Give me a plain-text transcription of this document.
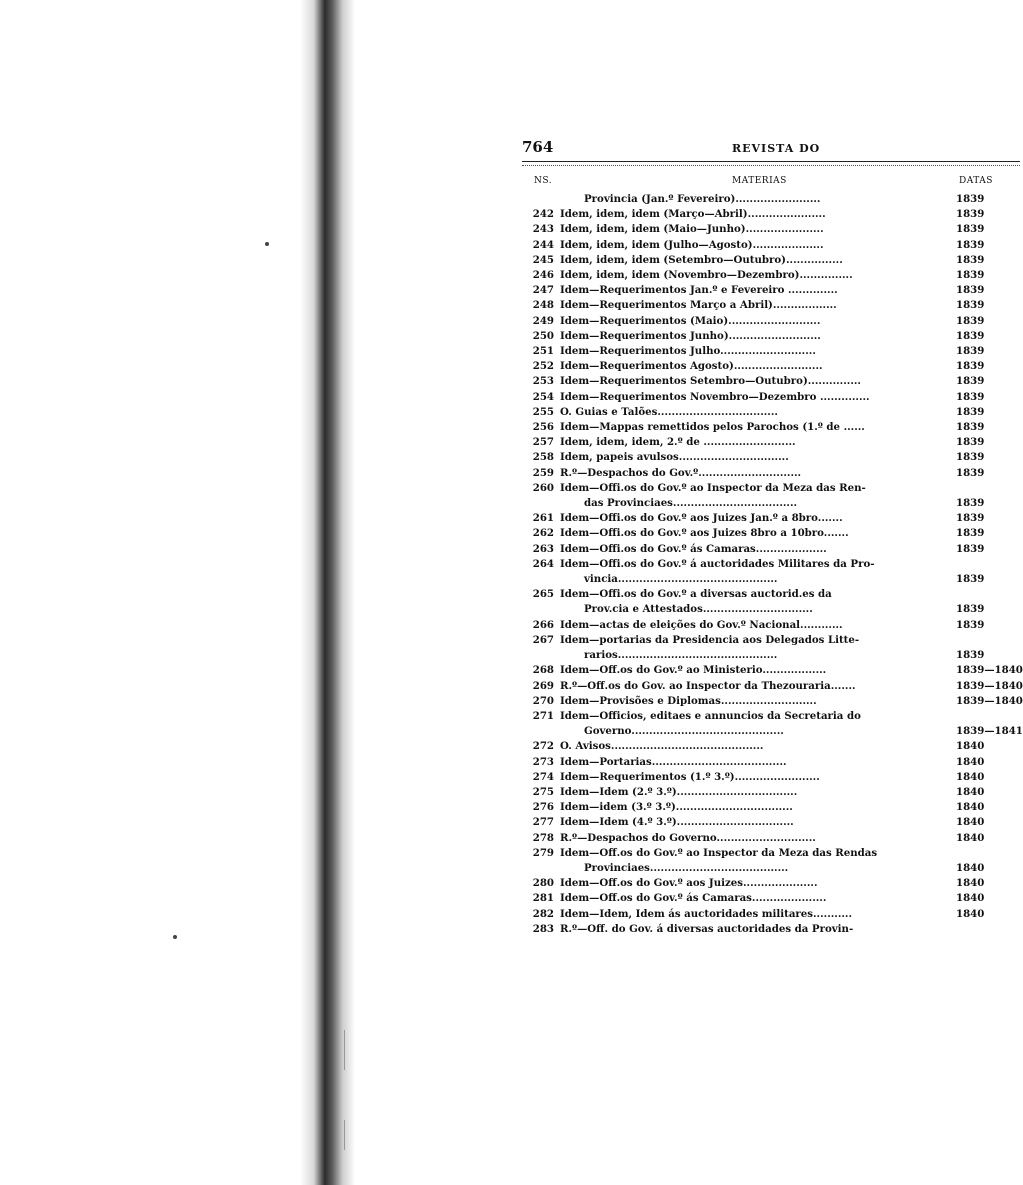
764	REVISTA DO
NS.	MATERIAS	DATAS
Provincia (Jan.º Fevereiro)........................	1839
242 Idem, idem, idem (Março—Abril)......................	1839
243 Idem, idem, idem (Maio—Junho)......................	1839
244 Idem, idem, idem (Julho—Agosto)....................	1839
245 Idem, idem, idem (Setembro—Outubro)................	1839
246 Idem, idem, idem (Novembro—Dezembro)...............	1839
247 Idem—Requerimentos Jan.º e Fevereiro ..............	1839
248 Idem—Requerimentos Março a Abril)..................	1839
249 Idem—Requerimentos (Maio)..........................	1839
250 Idem—Requerimentos Junho)..........................	1839
251 Idem—Requerimentos Julho...........................	1839
252 Idem—Requerimentos Agosto).........................	1839
253 Idem—Requerimentos Setembro—Outubro)...............	1839
254 Idem—Requerimentos Novembro—Dezembro ..............	1839
255 O. Guias e Talões..................................	1839
256 Idem—Mappas remettidos pelos Parochos (1.º de ......	1839
257 Idem, idem, idem, 2.º de ..........................	1839
258 Idem, papeis avulsos...............................	1839
259 R.º—Despachos do Gov.º.............................	1839
260 Idem—Offi.os do Gov.º ao Inspector da Meza das Ren-
das Provinciaes...................................	1839
261 Idem—Offi.os do Gov.º aos Juizes Jan.º a 8bro.......	1839
262 Idem—Offi.os do Gov.º aos Juizes 8bro a 10bro.......	1839
263 Idem—Offi.os do Gov.º ás Camaras....................	1839
264 Idem—Offi.os do Gov.º á auctoridades Militares da Pro-
vincia.............................................	1839
265 Idem—Offi.os do Gov.º a diversas auctorid.es da
Prov.cia e Attestados...............................	1839
266 Idem—actas de eleições do Gov.º Nacional............	1839
267 Idem—portarias da Presidencia aos Delegados Litte-
rarios.............................................	1839
268 Idem—Off.os do Gov.º ao Ministerio..................	1839—1840
269 R.º—Off.os do Gov. ao Inspector da Thezouraria.......	1839—1840
270 Idem—Provisões e Diplomas...........................	1839—1840
271 Idem—Officios, editaes e annuncios da Secretaria do
Governo...........................................	1839—1841
272 O. Avisos...........................................	1840
273 Idem—Portarias......................................	1840
274 Idem—Requerimentos (1.º 3.º)........................	1840
275 Idem—Idem (2.º 3.º)..................................	1840
276 Idem—idem (3.º 3.º).................................	1840
277 Idem—Idem (4.º 3.º).................................	1840
278 R.º—Despachos do Governo............................	1840
279 Idem—Off.os do Gov.º ao Inspector da Meza das Rendas
Provinciaes.......................................	1840
280 Idem—Off.os do Gov.º aos Juizes.....................	1840
281 Idem—Off.os do Gov.º ás Camaras.....................	1840
282 Idem—Idem, Idem ás auctoridades militares...........	1840
283 R.º—Off. do Gov. á diversas auctoridades da Provin-
